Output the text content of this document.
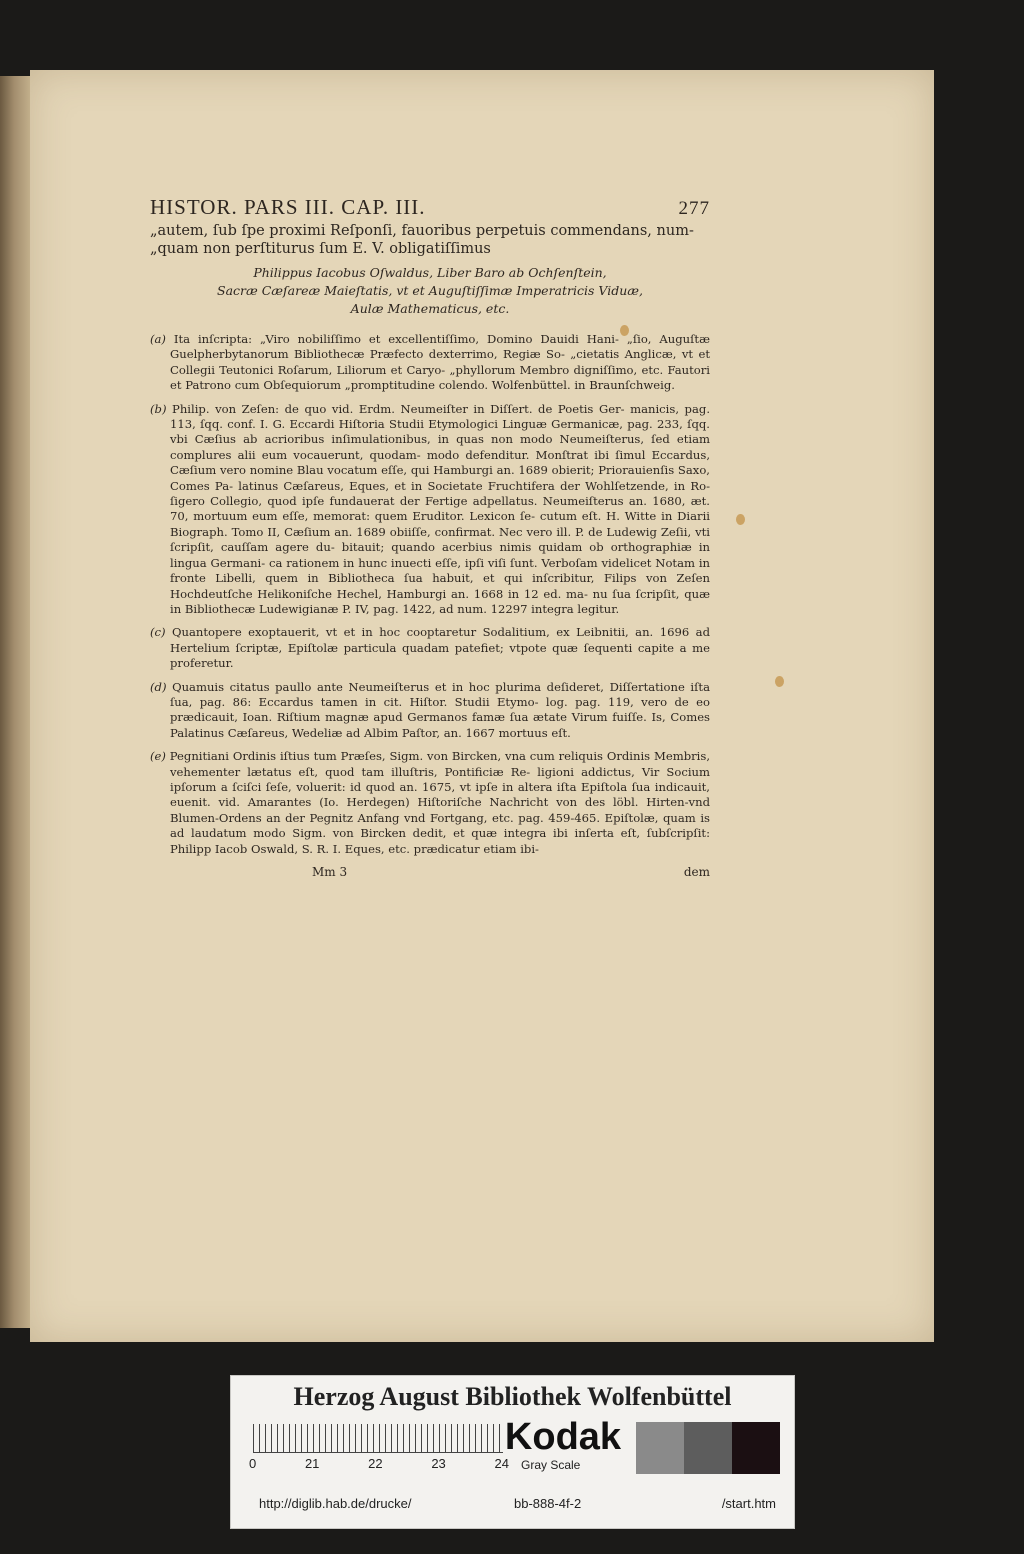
HISTOR. PARS III. CAP. III.	277
„autem, ſub ſpe proximi Reſponſi, fauoribus perpetuis commendans, num-
„quam non perſtiturus ſum E. V. obligatiſſimus
Philippus Iacobus Oſwaldus, Liber Baro ab Ochſenſtein,
Sacræ Cæſareæ Maieſtatis, vt et Auguſtiſſimæ Imperatricis Viduæ,
Aulæ Mathematicus, etc.
(a) Ita inſcripta: „Viro nobiliſſimo et excellentiſſimo, Domino Dauidi Hani- „ſio, Auguſtæ Guelpherbytanorum Bibliothecæ Præfecto dexterrimo, Regiæ So- „cietatis Anglicæ, vt et Collegii Teutonici Roſarum, Liliorum et Caryo- „phyllorum Membro digniſſimo, etc. Fautori et Patrono cum Obſequiorum „promptitudine colendo. Wolfenbüttel. in Braunſchweig.
(b) Philip. von Zeſen: de quo vid. Erdm. Neumeiſter in Diſſert. de Poetis Ger- manicis, pag. 113, ſqq. conf. I. G. Eccardi Hiſtoria Studii Etymologici Linguæ Germanicæ, pag. 233, ſqq. vbi Cæſius ab acrioribus inſimulationibus, in quas non modo Neumeiſterus, ſed etiam complures alii eum vocauerunt, quodam- modo defenditur. Monſtrat ibi ſimul Eccardus, Cæſium vero nomine Blau vocatum eſſe, qui Hamburgi an. 1689 obierit; Priorauienſis Saxo, Comes Pa- latinus Cæſareus, Eques, et in Societate Fruchtifera der Wohlſetzende, in Ro- ſigero Collegio, quod ipſe fundauerat der Fertige adpellatus. Neumeiſterus an. 1680, æt. 70, mortuum eum eſſe, memorat: quem Eruditor. Lexicon ſe- cutum eſt. H. Witte in Diarii Biograph. Tomo II, Cæſium an. 1689 obiiſſe, confirmat. Nec vero ill. P. de Ludewig Zeſii, vti ſcripſit, cauſſam agere du- bitauit; quando acerbius nimis quidam ob orthographiæ in lingua Germani- ca rationem in hunc inuecti eſſe, ipſi viſi ſunt. Verboſam videlicet Notam in fronte Libelli, quem in Bibliotheca ſua habuit, et qui inſcribitur, Filips von Zeſen Hochdeutſche Helikoniſche Hechel, Hamburgi an. 1668 in 12 ed. ma- nu ſua ſcripſit, quæ in Bibliothecæ Ludewigianæ P. IV, pag. 1422, ad num. 12297 integra legitur.
(c) Quantopere exoptauerit, vt et in hoc cooptaretur Sodalitium, ex Leibnitii, an. 1696 ad Hertelium ſcriptæ, Epiſtolæ particula quadam patefiet; vtpote quæ ſequenti capite a me proferetur.
(d) Quamuis citatus paullo ante Neumeiſterus et in hoc plurima deſideret, Diſſertatione iſta ſua, pag. 86: Eccardus tamen in cit. Hiſtor. Studii Etymo- log. pag. 119, vero de eo prædicauit, Ioan. Riſtium magnæ apud Germanos famæ ſua ætate Virum fuiſſe. Is, Comes Palatinus Cæſareus, Wedeliæ ad Albim Paſtor, an. 1667 mortuus eſt.
(e) Pegnitiani Ordinis iſtius tum Præſes, Sigm. von Bircken, vna cum reliquis Ordinis Membris, vehementer lætatus eſt, quod tam illuſtris, Pontificiæ Re- ligioni addictus, Vir Socium ipſorum a ſciſci ſeſe, voluerit: id quod an. 1675, vt ipſe in altera iſta Epiſtola ſua indicauit, euenit. vid. Amarantes (Io. Herdegen) Hiſtoriſche Nachricht von des löbl. Hirten-vnd Blumen-Ordens an der Pegnitz Anfang vnd Fortgang, etc. pag. 459-465. Epiſtolæ, quam is ad laudatum modo Sigm. von Bircken dedit, et quæ integra ibi inſerta eſt, ſubſcripſit: Philipp Iacob Oswald, S. R. I. Eques, etc. prædicatur etiam ibi-
Mm 3	dem
Herzog August Bibliothek Wolfenbüttel
0	21	22	23	24
Kodak
Gray Scale
http://diglib.hab.de/drucke/	bb-888-4f-2	/start.htm
